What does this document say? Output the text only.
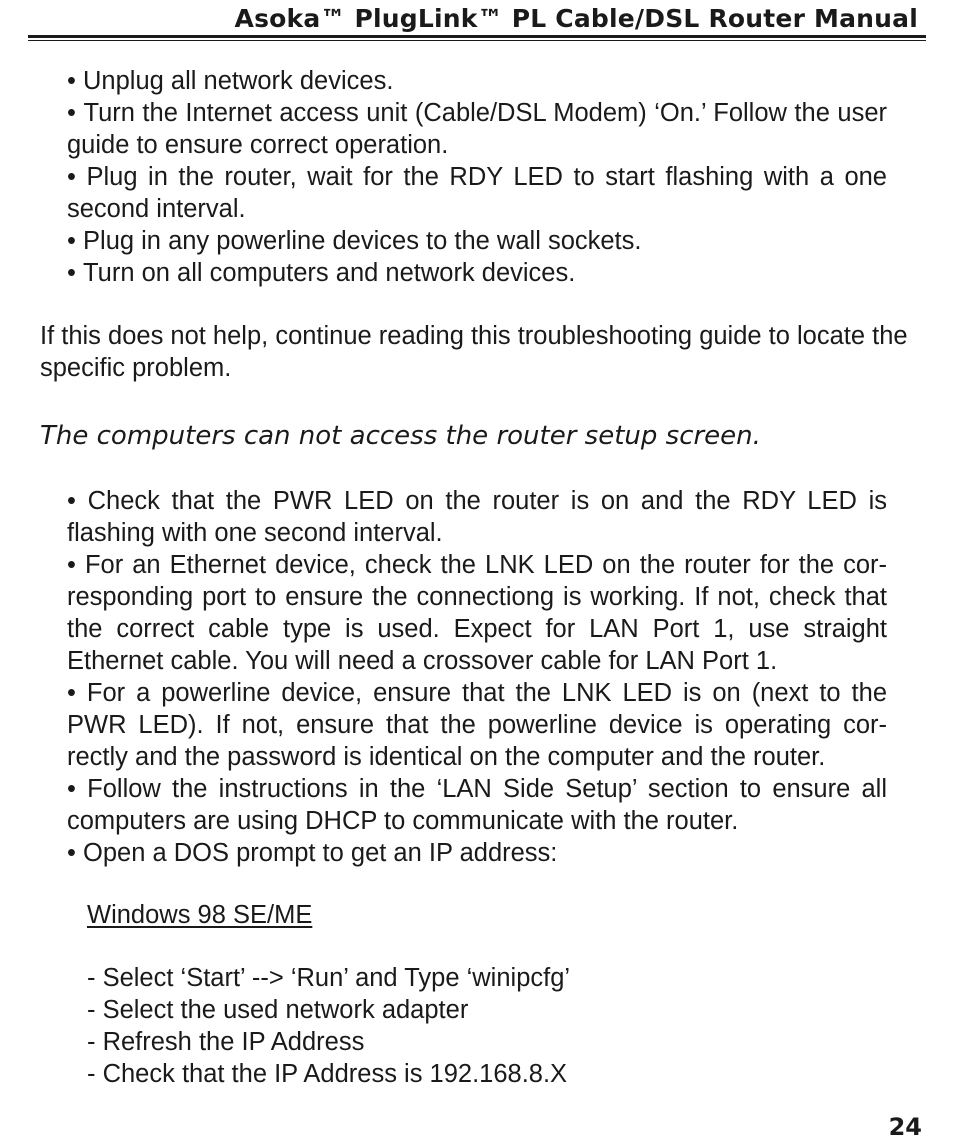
Asoka™ PlugLink™ PL Cable/DSL Router Manual
• Unplug all network devices.
• Turn the Internet access unit (Cable/DSL Modem) ‘On.’ Follow the user guide to ensure correct operation.
• Plug in the router, wait for the RDY LED to start flashing with a one second interval.
• Plug in any powerline devices to the wall sockets.
• Turn on all computers and network devices.

If this does not help, continue reading this troubleshooting guide to locate the specific problem.

The computers can not access the router setup screen.
• Check that the PWR LED on the router is on and the RDY LED is flashing with one second interval.
• For an Ethernet device, check the LNK LED on the router for the cor-responding port to ensure the connectiong is working. If not, check that the correct cable type is used. Expect for LAN Port 1, use straight Ethernet cable. You will need a crossover cable for LAN Port 1.
• For a powerline device, ensure that the LNK LED is on (next to the PWR LED). If not, ensure that the powerline device is operating cor-rectly and the password is identical on the computer and the router.
• Follow the instructions in the ‘LAN Side Setup’ section to ensure all computers are using DHCP to communicate with the router.
• Open a DOS prompt to get an IP address:

Windows 98 SE/ME

- Select ‘Start’ --> ‘Run’ and Type ‘winipcfg’
- Select the used network adapter
- Refresh the IP Address
- Check that the IP Address is 192.168.8.X
24
